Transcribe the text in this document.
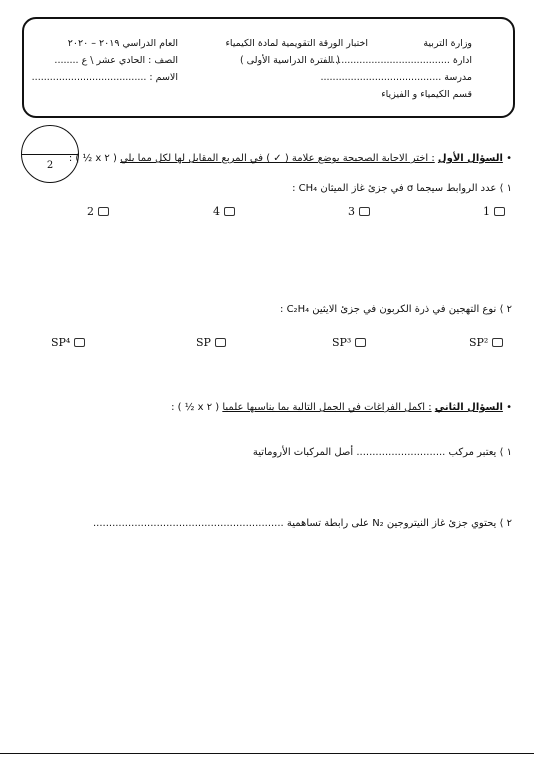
وزارة التربية
ادارة ........................................
مدرسة ........................................
قسم الكيمياء و الفيزياء
اختبار الورقة التقويمية لمادة الكيمياء
( الفترة الدراسية الأولى )
العام الدراسي ٢٠١٩ – ٢٠٢٠
الصف : الحادي عشر \ ع ........
الاسم : ......................................
2
• السؤال الأول : اختر الاجابة الصحيحة بوضع علامة ( ✓ ) في المربع المقابل لها لكل مما يلي ( ٢ x ½ ) :
١ ⟩ عدد الروابط سيجما σ في جزئ غاز الميثان CH₄ :
1
3
4
2
٢ ⟩ نوع التهجين في ذرة الكربون في جزئ الايثين C₂H₄ :
SP²
SP³
SP
SP⁴
• السؤال الثاني : اكمل الفراغات في الجمل التالية بما يناسبها علميا ( ٢ x ½ ) :
١ ⟩ يعتبر مركب ............................ أصل المركبات الأروماتية
٢ ⟩ يحتوي جزئ غاز النيتروجين N₂ على رابطة تساهمية ............................................................
